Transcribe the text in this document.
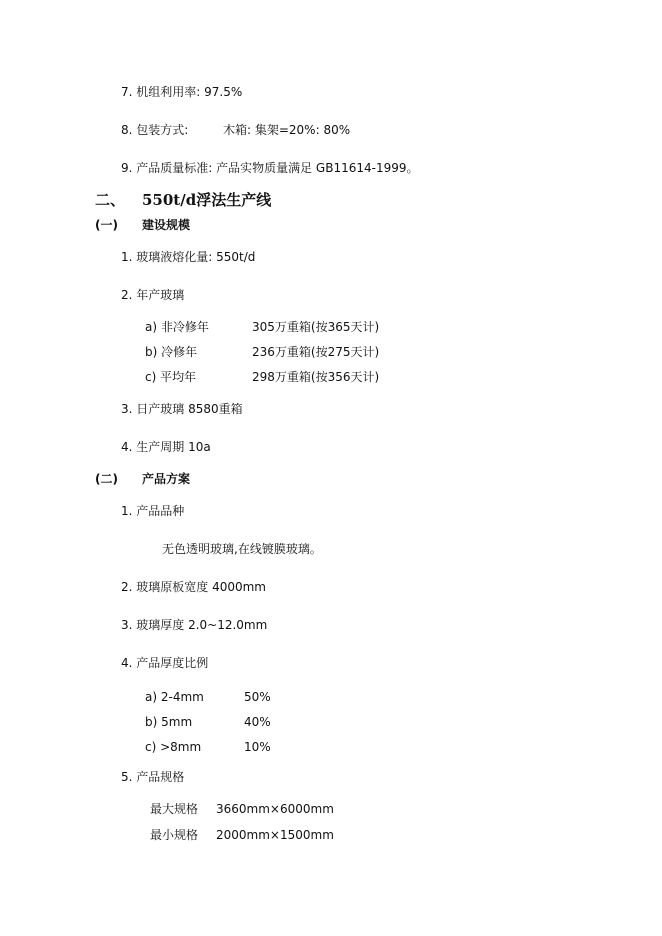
7. 机组利用率: 97.5%
8. 包装方式:	木箱: 集架=20%: 80%
9. 产品质量标准: 产品实物质量满足 GB11614-1999。
二、 550t/d浮法生产线
(一) 建设规模
1. 玻璃液熔化量: 550t/d
2. 年产玻璃
a) 非冷修年	305万重箱(按365天计)
b) 冷修年	236万重箱(按275天计)
c) 平均年	298万重箱(按356天计)
3. 日产玻璃 8580重箱
4. 生产周期 10a
(二) 产品方案
1. 产品品种
无色透明玻璃,在线镀膜玻璃。
2. 玻璃原板宽度 4000mm
3. 玻璃厚度 2.0~12.0mm
4. 产品厚度比例
a) 2-4mm	50%
b) 5mm	40%
c) >8mm	10%
5. 产品规格
最大规格 3660mm×6000mm
最小规格 2000mm×1500mm
